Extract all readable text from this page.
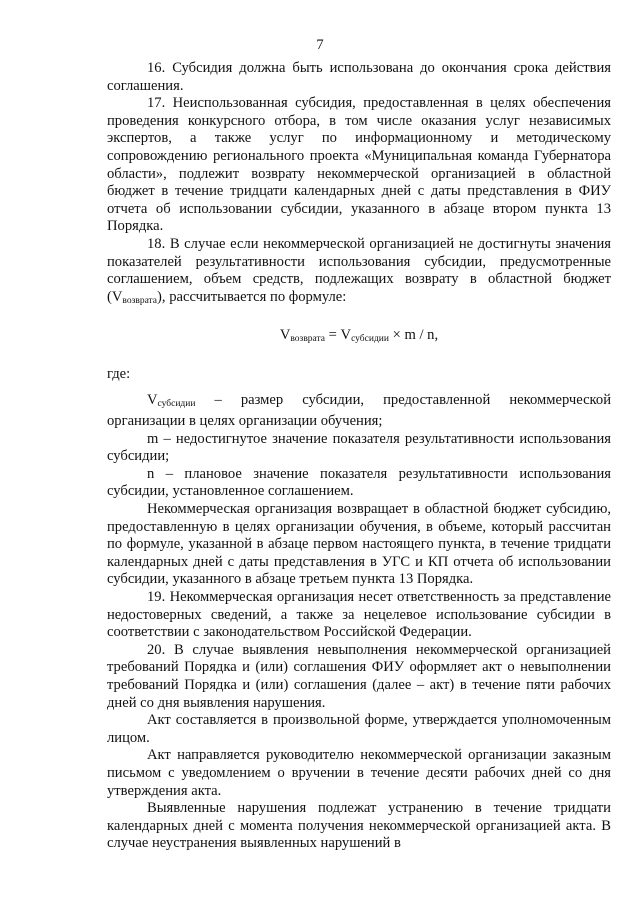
7

16. Субсидия должна быть использована до окончания срока действия соглашения.

17. Неиспользованная субсидия, предоставленная в целях обеспечения проведения конкурсного отбора, в том числе оказания услуг независимых экспертов, а также услуг по информационному и методическому сопровождению регионального проекта «Муниципальная команда Губернатора области», подлежит возврату некоммерческой организацией в областной бюджет в течение тридцати календарных дней с даты представления в ФИУ отчета об использовании субсидии, указанного в абзаце втором пункта 13 Порядка.

18. В случае если некоммерческой организацией не достигнуты значения показателей результативности использования субсидии, предусмотренные соглашением, объем средств, подлежащих возврату в областной бюджет $(V_{возврата})$, рассчитывается по формуле:

$V_{возврата} = V_{субсидии} \times m / n$,

где:

$V_{субсидии}$ – размер субсидии, предоставленной некоммерческой организации в целях организации обучения;

m – недостигнутое значение показателя результативности использования субсидии;

n – плановое значение показателя результативности использования субсидии, установленное соглашением.

Некоммерческая организация возвращает в областной бюджет субсидию, предоставленную в целях организации обучения, в объеме, который рассчитан по формуле, указанной в абзаце первом настоящего пункта, в течение тридцати календарных дней с даты представления в УГС и КП отчета об использовании субсидии, указанного в абзаце третьем пункта 13 Порядка.

19. Некоммерческая организация несет ответственность за представление недостоверных сведений, а также за нецелевое использование субсидии в соответствии с законодательством Российской Федерации.

20. В случае выявления невыполнения некоммерческой организацией требований Порядка и (или) соглашения ФИУ оформляет акт о невыполнении требований Порядка и (или) соглашения (далее – акт) в течение пяти рабочих дней со дня выявления нарушения.

Акт составляется в произвольной форме, утверждается уполномоченным лицом.

Акт направляется руководителю некоммерческой организации заказным письмом с уведомлением о вручении в течение десяти рабочих дней со дня утверждения акта.

Выявленные нарушения подлежат устранению в течение тридцати календарных дней с момента получения некоммерческой организацией акта. В случае неустранения выявленных нарушений в
